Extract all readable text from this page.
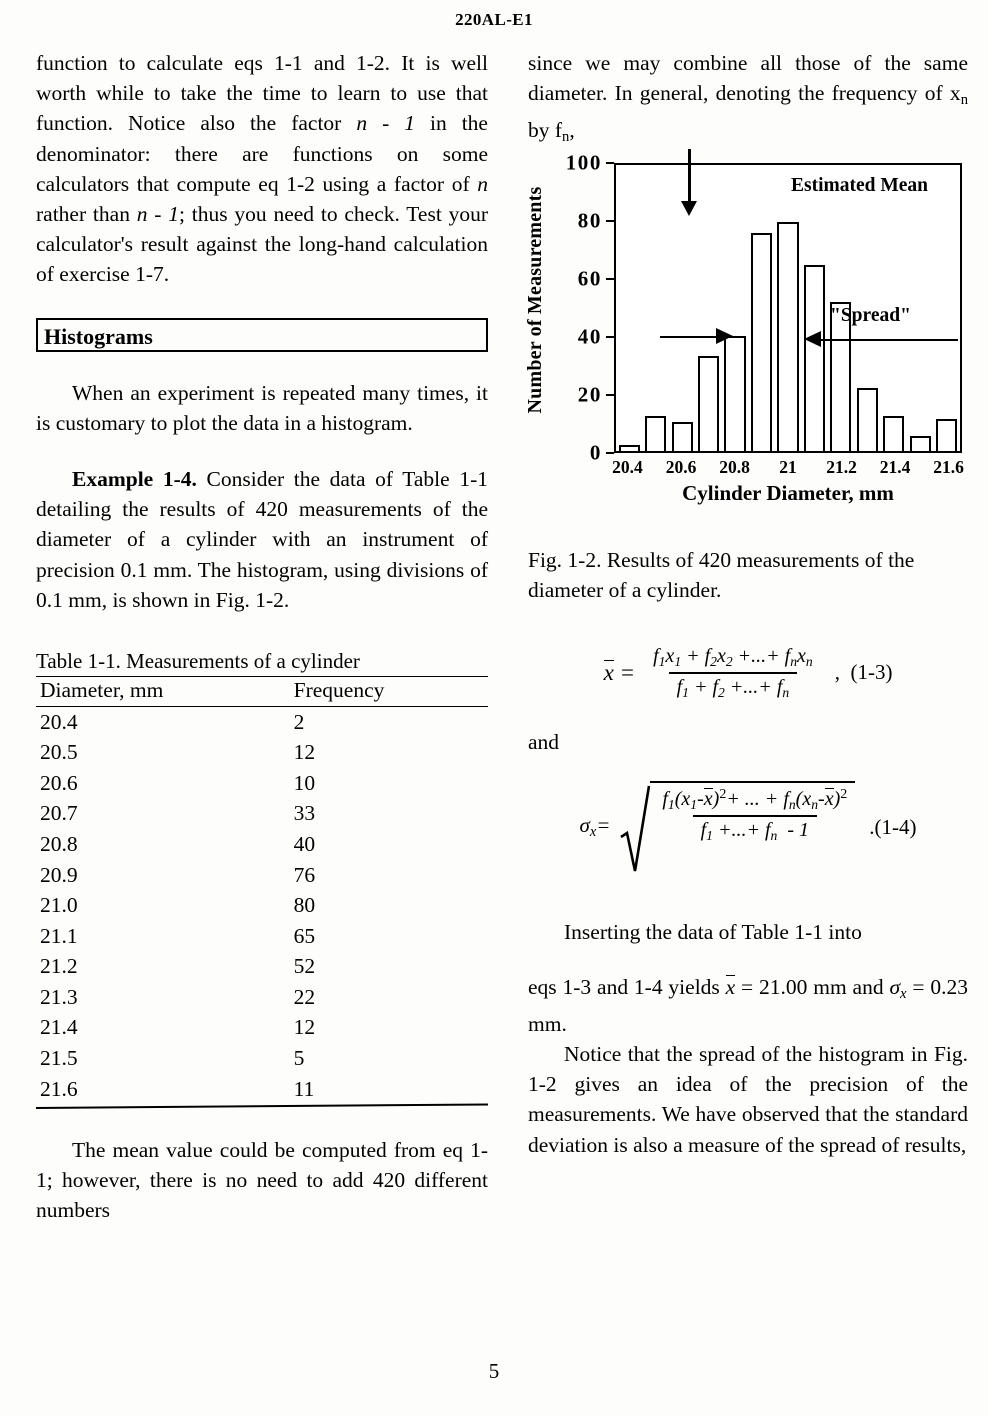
220AL-E1

function to calculate eqs 1-1 and 1-2. It is well worth while to take the time to learn to use that function. Notice also the factor n - 1 in the denominator: there are functions on some calculators that compute eq 1-2 using a factor of n rather than n - 1; thus you need to check. Test your calculator's result against the long-hand calculation of exercise 1-7.

Histograms

When an experiment is repeated many times, it is customary to plot the data in a histogram.

Example 1-4. Consider the data of Table 1-1 detailing the results of 420 measurements of the diameter of a cylinder with an instrument of precision 0.1 mm. The histogram, using divisions of 0.1 mm, is shown in Fig. 1-2.

Table 1-1. Measurements of a cylinder
Diameter, mm	Frequency
20.4	2
20.5	12
20.6	10
20.7	33
20.8	40
20.9	76
21.0	80
21.1	65
21.2	52
21.3	22
21.4	12
21.5	5
21.6	11

The mean value could be computed from eq 1-1; however, there is no need to add 420 different numbers

since we may combine all those of the same diameter. In general, denoting the frequency of $x_n$ by $f_n$,

Number of Measurements
0
20
40
60
80
100
"Spread"
Estimated Mean
20.4 20.6 20.8 21 21.2 21.4 21.6
Cylinder Diameter, mm
Fig. 1-2. Results of 420 measurements of the diameter of a cylinder.
$x = \frac{f_1x_1 + f_2x_2 +...+ f_nx_n}{f_1 + f_2 +...+ f_n}$ , (1-3)
and
$\sigma_x=$	$\frac{f_1(x_1-x)^2+ ... + f_n(x_n-x)^2}{f_1 +...+ f_n - 1} .(1-4)$

Inserting the data of Table 1-1 into

eqs 1-3 and 1-4 yields x = 21.00 mm and $\sigma_x = 0.23$ mm.

Notice that the spread of the histogram in Fig. 1-2 gives an idea of the precision of the measurements. We have observed that the standard deviation is also a measure of the spread of results,

5
